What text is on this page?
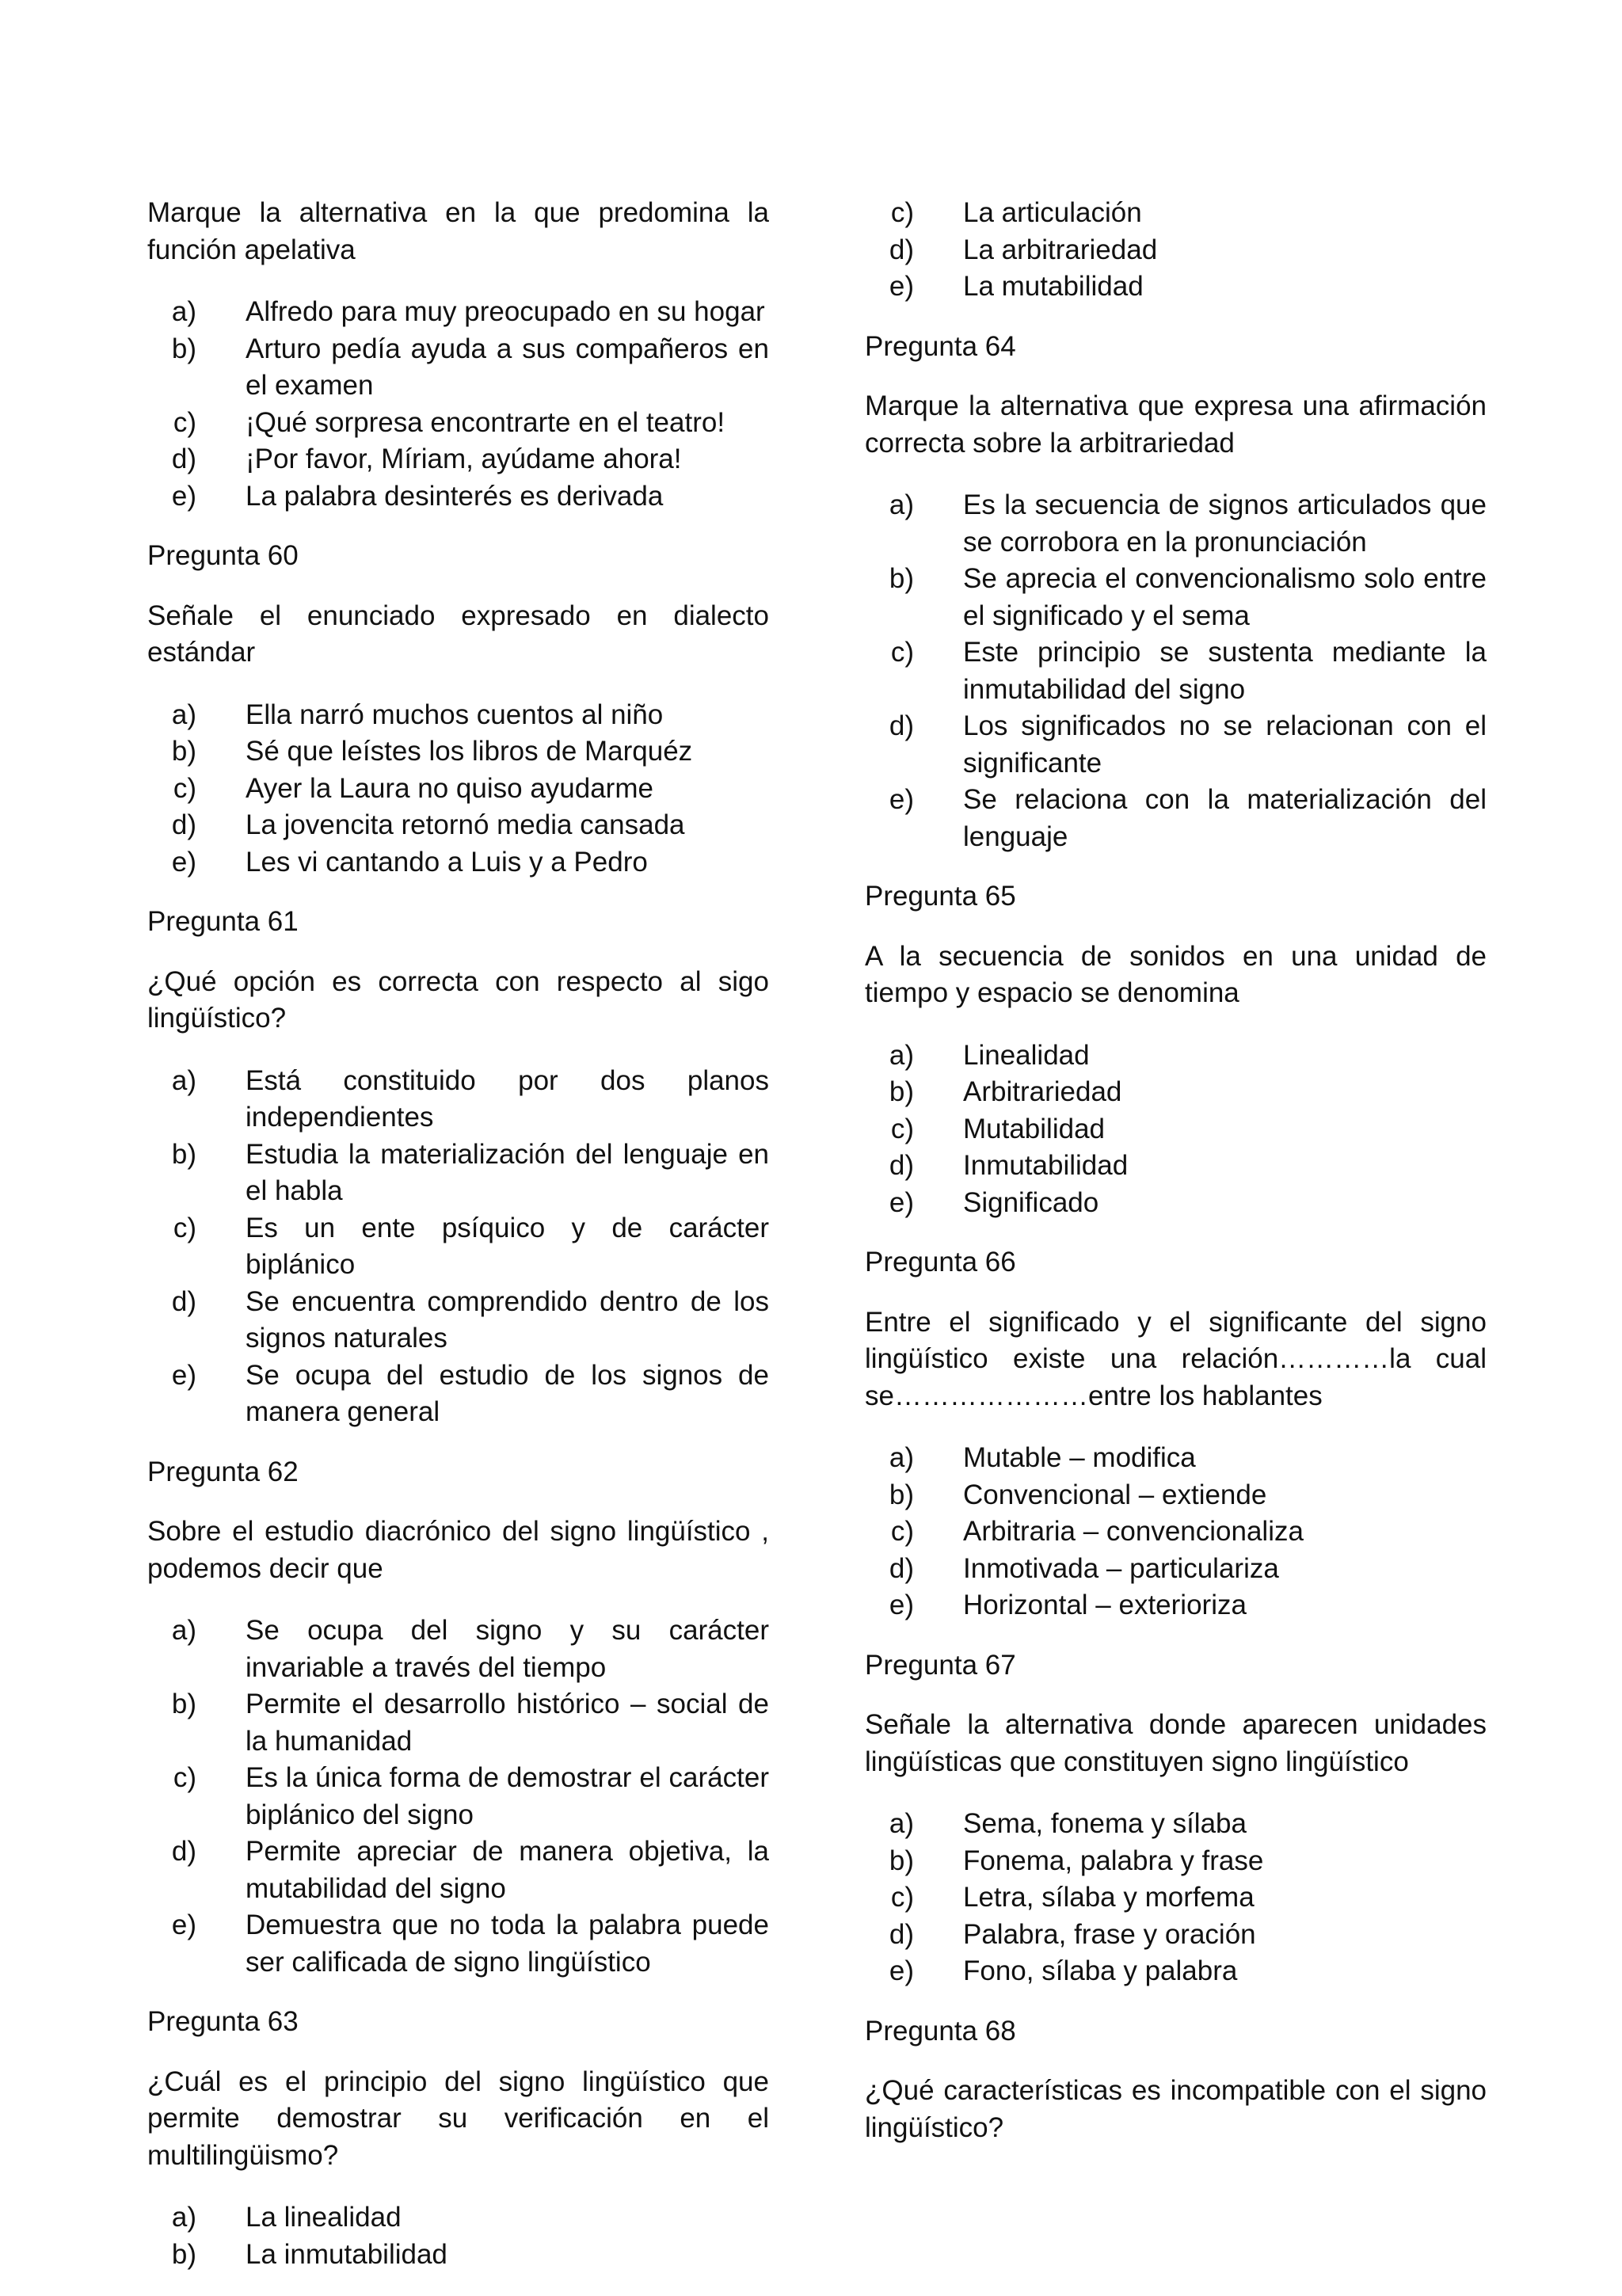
Marque la alternativa en la que predomina la función apelativa

a) Alfredo para muy preocupado en su hogar
b) Arturo pedía ayuda a sus compañeros en el examen
c) ¡Qué sorpresa encontrarte en el teatro!
d) ¡Por favor, Míriam, ayúdame ahora!
e) La palabra desinterés es derivada

Pregunta 60

Señale el enunciado expresado en dialecto estándar

a) Ella narró muchos cuentos al niño
b) Sé que leístes los libros de Marquéz
c) Ayer la Laura no quiso ayudarme
d) La jovencita retornó media cansada
e) Les vi cantando a Luis y a Pedro

Pregunta 61

¿Qué opción es correcta con respecto al sigo lingüístico?

a) Está constituido por dos planos independientes
b) Estudia la materialización del lenguaje en el habla
c) Es un ente psíquico y de carácter biplánico
d) Se encuentra comprendido dentro de los signos naturales
e) Se ocupa del estudio de los signos de manera general

Pregunta 62

Sobre el estudio diacrónico del signo lingüístico , podemos decir que

a) Se ocupa del signo y su carácter invariable a través del tiempo
b) Permite el desarrollo histórico – social de la humanidad
c) Es la única forma de demostrar el carácter biplánico del signo
d) Permite apreciar de manera objetiva, la mutabilidad del signo
e) Demuestra que no toda la palabra puede ser calificada de signo lingüístico

Pregunta 63

¿Cuál es el principio del signo lingüístico que permite demostrar su verificación en el multilingüismo?

a) La linealidad
b) La inmutabilidad
c) La articulación
d) La arbitrariedad
e) La mutabilidad

Pregunta 64

Marque la alternativa que expresa una afirmación correcta sobre la arbitrariedad

a) Es la secuencia de signos articulados que se corrobora en la pronunciación
b) Se aprecia el convencionalismo solo entre el significado y el sema
c) Este principio se sustenta mediante la inmutabilidad del signo
d) Los significados no se relacionan con el significante
e) Se relaciona con la materialización del lenguaje

Pregunta 65

A la secuencia de sonidos en una unidad de tiempo y espacio se denomina

a) Linealidad
b) Arbitrariedad
c) Mutabilidad
d) Inmutabilidad
e) Significado

Pregunta 66

Entre el significado y el significante del signo lingüístico existe una relación…………la cual se…………………entre los hablantes

a) Mutable – modifica
b) Convencional – extiende
c) Arbitraria – convencionaliza
d) Inmotivada – particulariza
e) Horizontal – exterioriza

Pregunta 67

Señale la alternativa donde aparecen unidades lingüísticas que constituyen signo lingüístico

a) Sema, fonema y sílaba
b) Fonema, palabra y frase
c) Letra, sílaba y morfema
d) Palabra, frase y oración
e) Fono, sílaba y palabra

Pregunta 68

¿Qué características es incompatible con el signo lingüístico?
